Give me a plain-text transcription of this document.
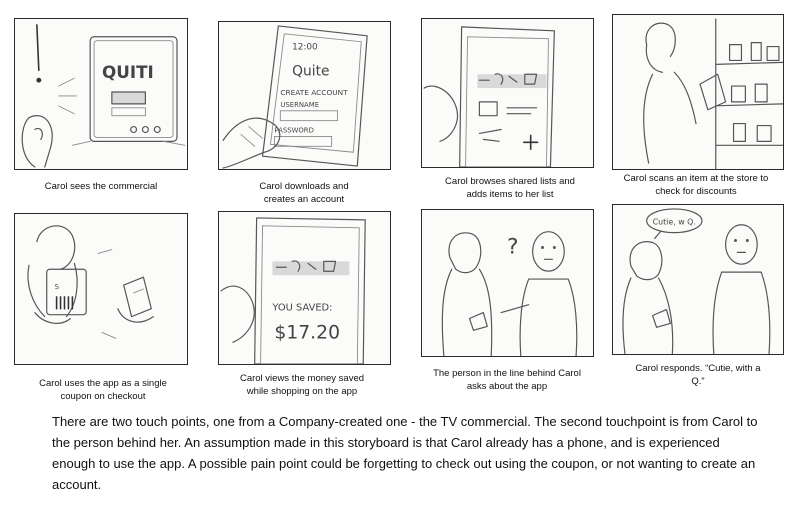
QUITI
Carol sees the commercial
12:00
Quite
CREATE ACCOUNT
USERNAME
PASSWORD
Carol downloads and creates an account
Carol browses shared lists and adds items to her list
Carol scans an item at the store to check for discounts
S
Carol uses the app as a single coupon on checkout
YOU SAVED:
$17.20
Carol views the money saved while shopping on the app
?
The person in the line behind Carol asks about the app
Cutie, w Q.
Carol responds. “Cutie, with a Q.”
There are two touch points, one from a Company-created one - the TV commercial. The second touchpoint is from Carol to the person behind her. An assumption made in this storyboard is that Carol already has a phone, and is experienced enough to use the app. A possible pain point could be forgetting to check out using the coupon, or not wanting to create an account.
